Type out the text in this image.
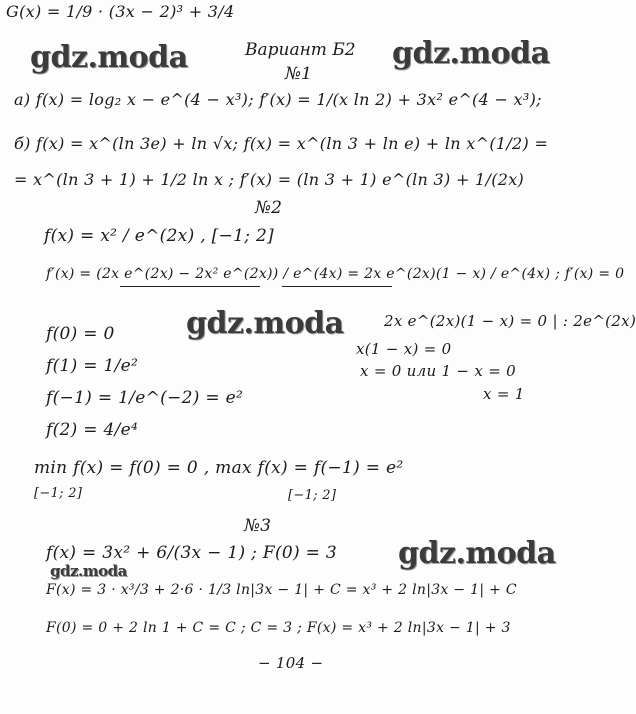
G(x) = 1/9 · (3x − 2)³ + 3/4
Вариант Б2
gdz.moda	gdz.moda
gdz.moda
gdz.moda
gdz.moda
№1
а) f(x) = log₂ x − e^(4 − x³); f′(x) = 1/(x ln 2) + 3x² e^(4 − x³);
б) f(x) = x^(ln 3e) + ln √x; f(x) = x^(ln 3 + ln e) + ln x^(1/2) =
= x^(ln 3 + 1) + 1/2 ln x ; f′(x) = (ln 3 + 1) e^(ln 3) + 1/(2x)
№2
f(x) = x² / e^(2x) , [−1; 2]
f′(x) = (2x e^(2x) − 2x² e^(2x)) / e^(4x) = 2x e^(2x)(1 − x) / e^(4x) ; f′(x) = 0
2x e^(2x)(1 − x) = 0 | : 2e^(2x)
x(1 − x) = 0
x = 0 или 1 − x = 0
x = 1
f(0) = 0
f(1) = 1/e²
f(−1) = 1/e^(−2) = e²
f(2) = 4/e⁴
min f(x) = f(0) = 0 , max f(x) = f(−1) = e²
[−1; 2]	[−1; 2]
№3
f(x) = 3x² + 6/(3x − 1) ; F(0) = 3
F(x) = 3 · x³/3 + 2·6 · 1/3 ln|3x − 1| + C = x³ + 2 ln|3x − 1| + C
F(0) = 0 + 2 ln 1 + C = C ; C = 3 ; F(x) = x³ + 2 ln|3x − 1| + 3
− 104 −
